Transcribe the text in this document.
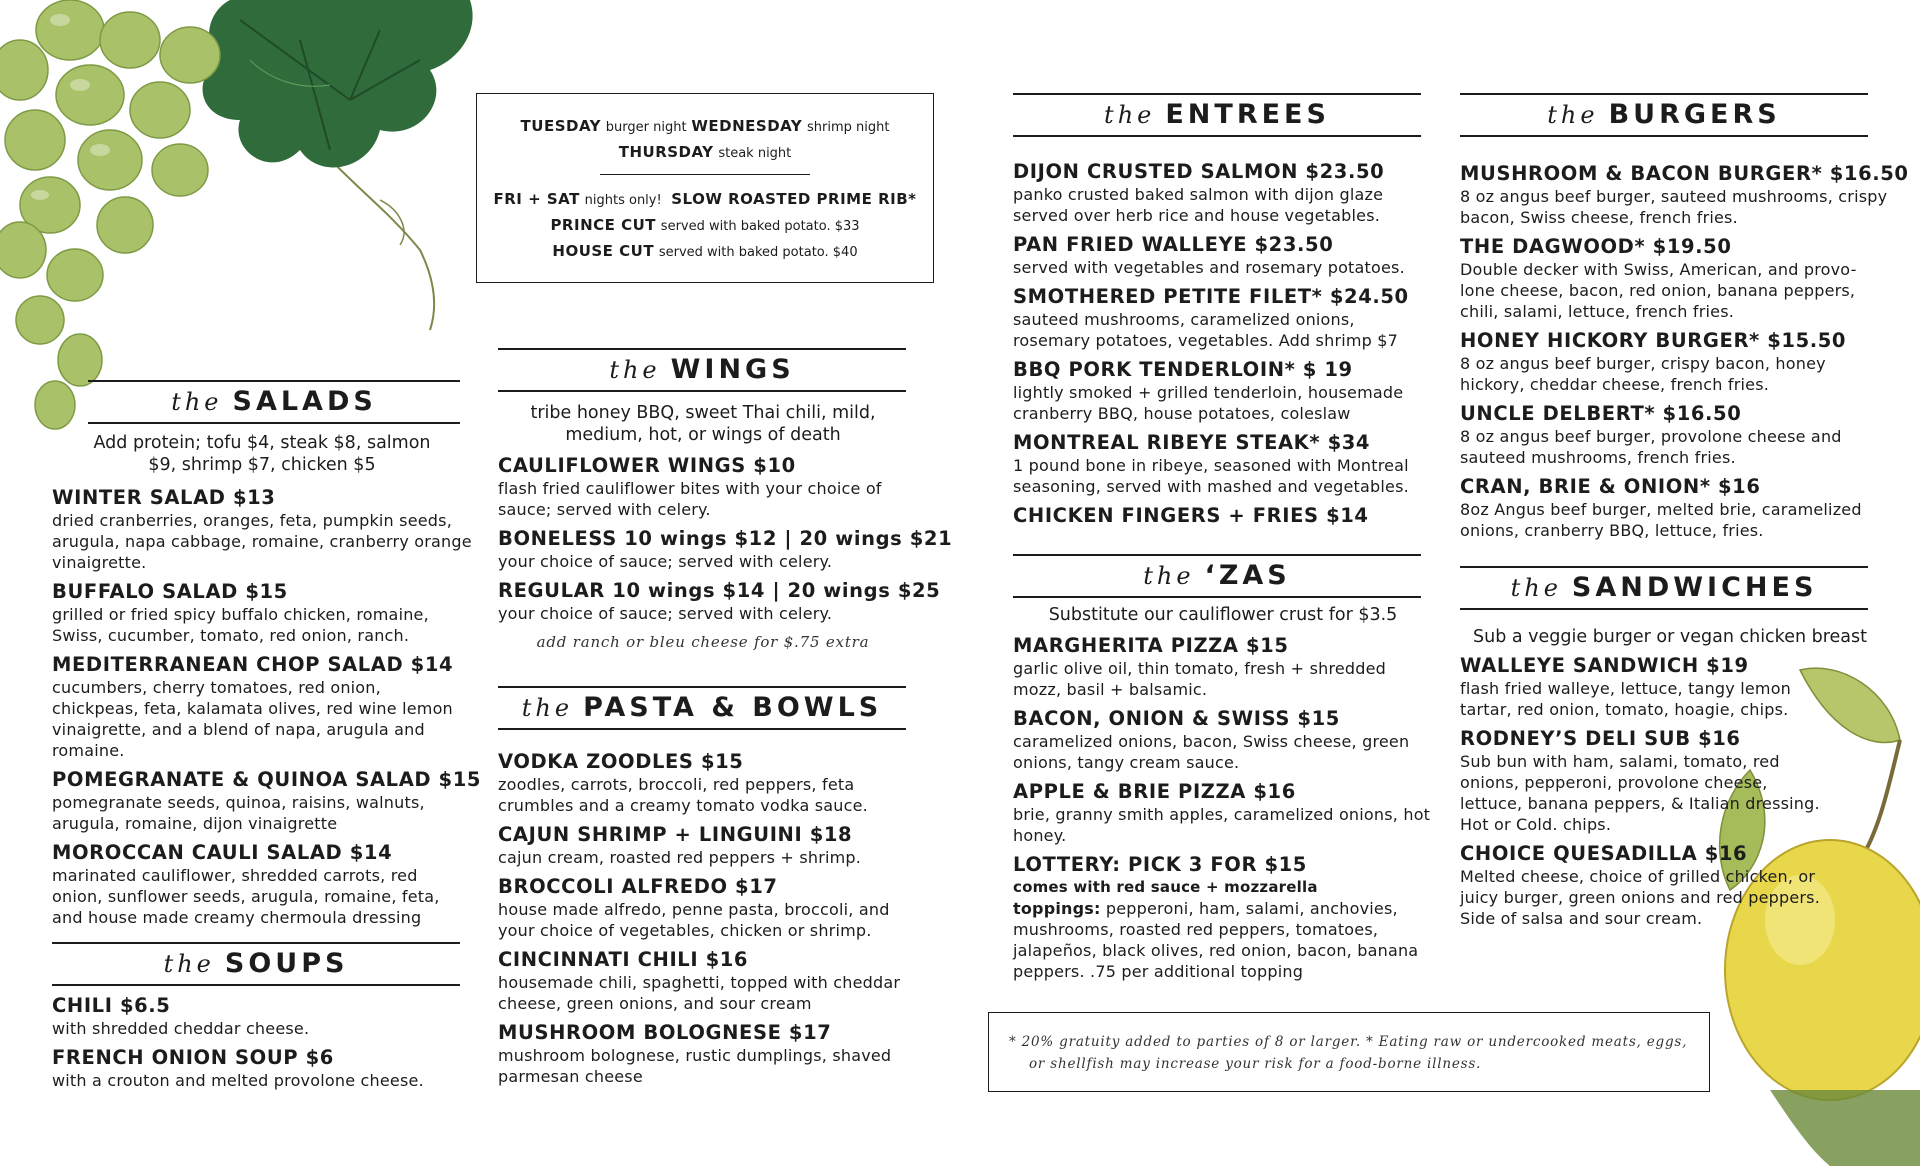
TUESDAY burger night WEDNESDAY shrimp night
THURSDAY steak night
FRI + SAT nights only! SLOW ROASTED PRIME RIB*
PRINCE CUT served with baked potato. $33
HOUSE CUT served with baked potato. $40
the SALADS
Add protein; tofu $4, steak $8, salmon $9, shrimp $7, chicken $5
WINTER SALAD $13
dried cranberries, oranges, feta, pumpkin seeds, arugula, napa cabbage, romaine, cranberry orange vinaigrette.
BUFFALO SALAD $15
grilled or fried spicy buffalo chicken, romaine, Swiss, cucumber, tomato, red onion, ranch.
MEDITERRANEAN CHOP SALAD $14
cucumbers, cherry tomatoes, red onion, chickpeas, feta, kalamata olives, red wine lemon vinaigrette, and a blend of napa, arugula and romaine.
POMEGRANATE & QUINOA SALAD $15
pomegranate seeds, quinoa, raisins, walnuts, arugula, romaine, dijon vinaigrette
MOROCCAN CAULI SALAD $14
marinated cauliflower, shredded carrots, red onion, sunflower seeds, arugula, romaine, feta, and house made creamy chermoula dressing
the SOUPS
CHILI $6.5
with shredded cheddar cheese.
FRENCH ONION SOUP $6
with a crouton and melted provolone cheese.
the WINGS
tribe honey BBQ, sweet Thai chili, mild, medium, hot, or wings of death
CAULIFLOWER WINGS $10
flash fried cauliflower bites with your choice of sauce; served with celery.
BONELESS 10 wings $12 | 20 wings $21
your choice of sauce; served with celery.
REGULAR 10 wings $14 | 20 wings $25
your choice of sauce; served with celery.
add ranch or bleu cheese for $.75 extra
the PASTA & BOWLS
VODKA ZOODLES $15
zoodles, carrots, broccoli, red peppers, feta crumbles and a creamy tomato vodka sauce.
CAJUN SHRIMP + LINGUINI $18
cajun cream, roasted red peppers + shrimp.
BROCCOLI ALFREDO $17
house made alfredo, penne pasta, broccoli, and your choice of vegetables, chicken or shrimp.
CINCINNATI CHILI $16
housemade chili, spaghetti, topped with cheddar cheese, green onions, and sour cream
MUSHROOM BOLOGNESE $17
mushroom bolognese, rustic dumplings, shaved parmesan cheese
the ENTREES
DIJON CRUSTED SALMON $23.50
panko crusted baked salmon with dijon glaze served over herb rice and house vegetables.
PAN FRIED WALLEYE $23.50
served with vegetables and rosemary potatoes.
SMOTHERED PETITE FILET* $24.50
sauteed mushrooms, caramelized onions, rosemary potatoes, vegetables. Add shrimp $7
BBQ PORK TENDERLOIN* $ 19
lightly smoked + grilled tenderloin, housemade cranberry BBQ, house potatoes, coleslaw
MONTREAL RIBEYE STEAK* $34
1 pound bone in ribeye, seasoned with Montreal seasoning, served with mashed and vegetables.
CHICKEN FINGERS + FRIES $14
the ‘ZAS
Substitute our cauliflower crust for $3.5
MARGHERITA PIZZA $15
garlic olive oil, thin tomato, fresh + shredded mozz, basil + balsamic.
BACON, ONION & SWISS $15
caramelized onions, bacon, Swiss cheese, green onions, tangy cream sauce.
APPLE & BRIE PIZZA $16
brie, granny smith apples, caramelized onions, hot honey.
LOTTERY: PICK 3 FOR $15
comes with red sauce + mozzarella
toppings: pepperoni, ham, salami, anchovies, mushrooms, roasted red peppers, tomatoes, jalapeños, black olives, red onion, bacon, banana peppers. .75 per additional topping
the BURGERS
MUSHROOM & BACON BURGER* $16.50
8 oz angus beef burger, sauteed mushrooms, crispy bacon, Swiss cheese, french fries.
THE DAGWOOD* $19.50
Double decker with Swiss, American, and provo-lone cheese, bacon, red onion, banana peppers, chili, salami, lettuce, french fries.
HONEY HICKORY BURGER* $15.50
8 oz angus beef burger, crispy bacon, honey hickory, cheddar cheese, french fries.
UNCLE DELBERT* $16.50
8 oz angus beef burger, provolone cheese and sauteed mushrooms, french fries.
CRAN, BRIE & ONION* $16
8oz Angus beef burger, melted brie, caramelized onions, cranberry BBQ, lettuce, fries.
the SANDWICHES
Sub a veggie burger or vegan chicken breast
WALLEYE SANDWICH $19
flash fried walleye, lettuce, tangy lemon tartar, red onion, tomato, hoagie, chips.
RODNEY’S DELI SUB $16
Sub bun with ham, salami, tomato, red onions, pepperoni, provolone cheese, lettuce, banana peppers, & Italian dressing. Hot or Cold. chips.
CHOICE QUESADILLA $16
Melted cheese, choice of grilled chicken, or juicy burger, green onions and red peppers. Side of salsa and sour cream.
* 20% gratuity added to parties of 8 or larger. * Eating raw or undercooked meats, eggs,
or shellfish may increase your risk for a food-borne illness.
